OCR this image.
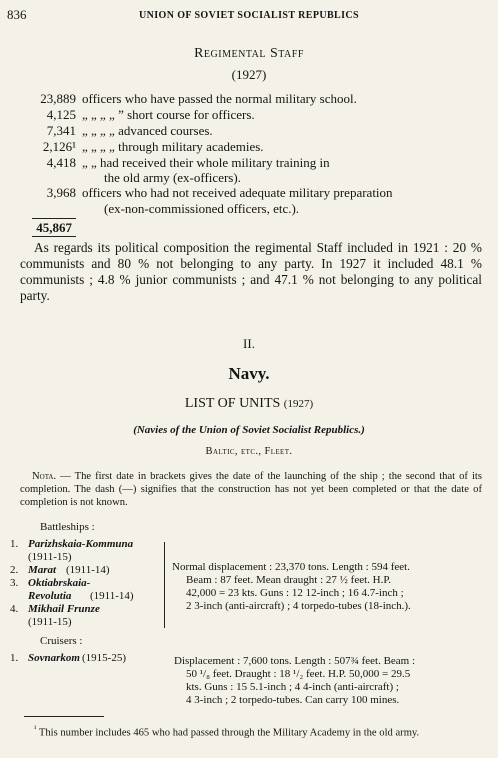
836	UNION OF SOVIET SOCIALIST REPUBLICS
Regimental Staff
(1927)
23,889 officers who have passed the normal military school.
4,125 „ „ „ „ ” short course for officers.
7,341 „ „ „ „ advanced courses.
2,126¹ „ „ „ „ through military academies.
4,418 „ „ had received their whole military training in
the old army (ex-officers).
3,968 officers who had not received adequate military preparation
(ex-non-commissioned officers, etc.).
45,867
As regards its political composition the regimental Staff included in 1921 : 20 % communists and 80 % not belonging to any party. In 1927 it included 48.1 % communists ; 4.8 % junior communists ; and 47.1 % not belonging to any political party.
II.
Navy.
LIST OF UNITS (1927)
(Navies of the Union of Soviet Socialist Republics.)
Baltic, etc., Fleet.
Nota. — The first date in brackets gives the date of the launching of the ship ; the second that of its completion. The dash (—) signifies that the construction has not yet been completed or that the date of completion is not known.
Battleships :
1. Parizhskaia-Kommuna
(1911-15)
2. Marat (1911-14)
3. Oktiabrskaia-
Revolutia (1911-14)
4. Mikhail Frunze
(1911-15)
Normal displacement : 23,370 tons. Length : 594 feet.
Beam : 87 feet. Mean draught : 27 ½ feet. H.P.
42,000 = 23 kts. Guns : 12 12-inch ; 16 4.7-inch ;
2 3-inch (anti-aircraft) ; 4 torpedo-tubes (18-inch.).
Cruisers :
1. Sovnarkom (1915-25)	Displacement : 7,600 tons. Length : 507¾ feet. Beam :
50 ¹/₈ feet. Draught : 18 ¹/₂ feet. H.P. 50,000 = 29.5
kts. Guns : 15 5.1-inch ; 4 4-inch (anti-aircraft) ;
4 3-inch ; 2 torpedo-tubes. Can carry 100 mines.
$^{^1}$ This number includes 465 who had passed through the Military Academy in the old army.
